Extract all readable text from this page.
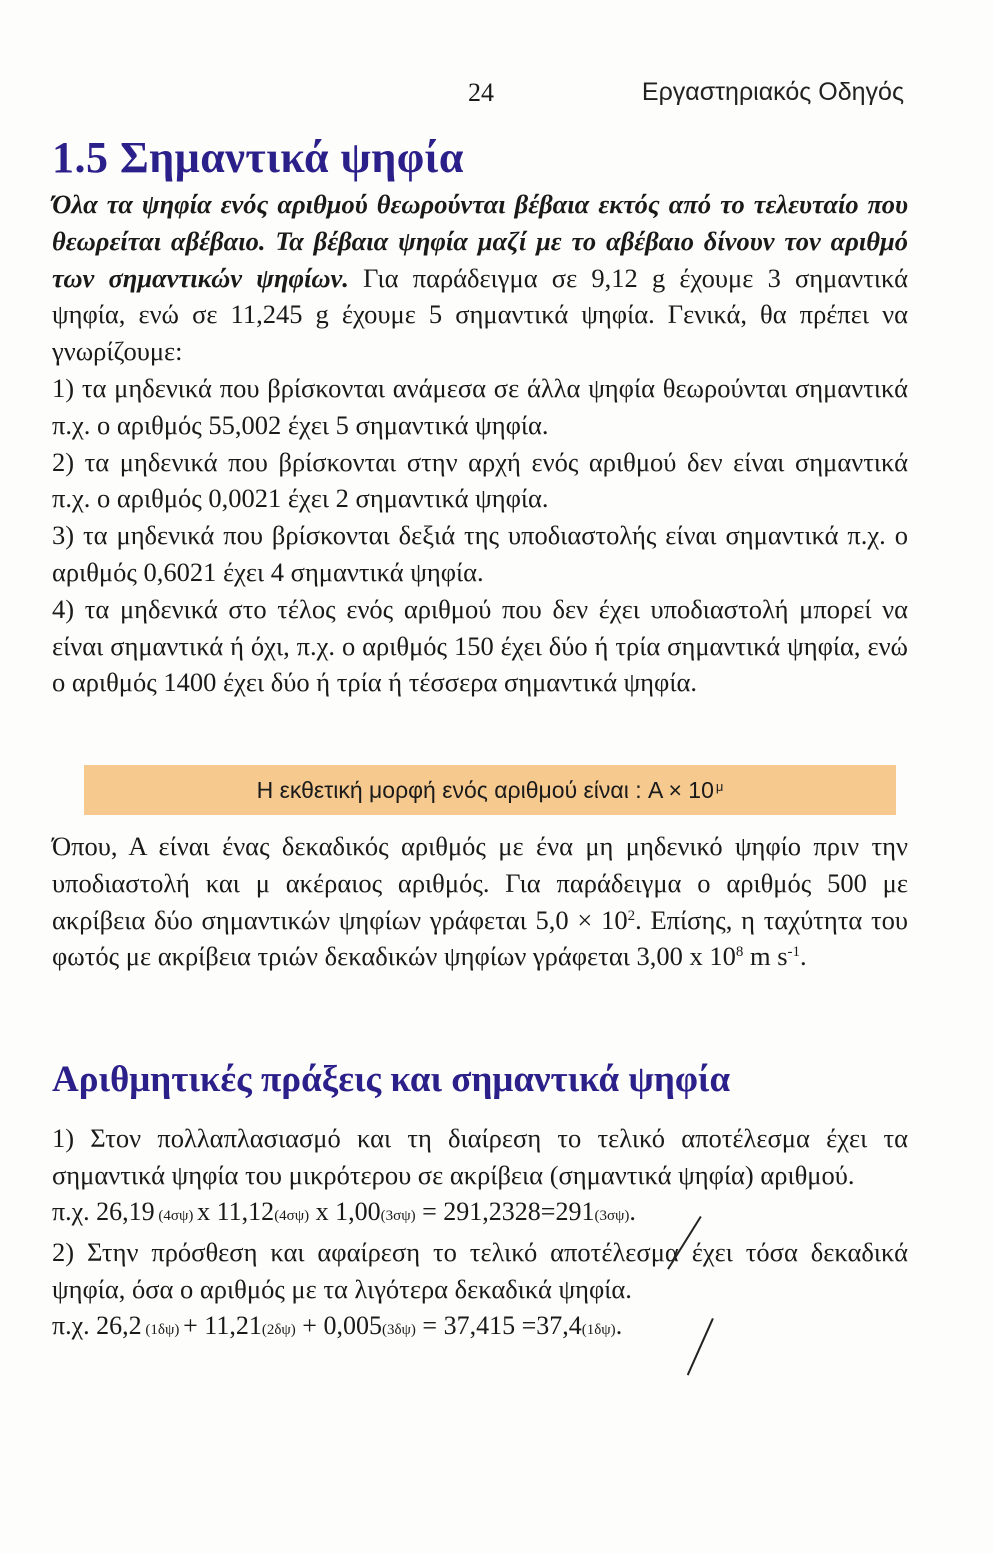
24	Εργαστηριακός Οδηγός
1.5 Σημαντικά ψηφία

Όλα τα ψηφία ενός αριθμού θεωρούνται βέβαια εκτός από το τελευταίο που θεωρείται αβέβαιο. Τα βέβαια ψηφία μαζί με το αβέβαιο δίνουν τον αριθμό των σημαντικών ψηφίων. Για παράδειγμα σε 9,12 g έχουμε 3 σημαντικά ψηφία, ενώ σε 11,245 g έχουμε 5 σημαντικά ψηφία. Γενικά, θα πρέπει να γνωρίζουμε:

1) τα μηδενικά που βρίσκονται ανάμεσα σε άλλα ψηφία θεωρούνται σημαντικά π.χ. ο αριθμός 55,002 έχει 5 σημαντικά ψηφία.

2) τα μηδενικά που βρίσκονται στην αρχή ενός αριθμού δεν είναι σημαντικά π.χ. ο αριθμός 0,0021 έχει 2 σημαντικά ψηφία.

3) τα μηδενικά που βρίσκονται δεξιά της υποδιαστολής είναι σημαντικά π.χ. ο αριθμός 0,6021 έχει 4 σημαντικά ψηφία.

4) τα μηδενικά στο τέλος ενός αριθμού που δεν έχει υποδιαστολή μπορεί να είναι σημαντικά ή όχι, π.χ. ο αριθμός 150 έχει δύο ή τρία σημαντικά ψηφία, ενώ ο αριθμός 1400 έχει δύο ή τρία ή τέσσερα σημαντικά ψηφία.

Η εκθετική μορφή ενός αριθμού είναι : $A \times 10^\mu$

Όπου, Α είναι ένας δεκαδικός αριθμός με ένα μη μηδενικό ψηφίο πριν την υποδιαστολή και μ ακέραιος αριθμός. Για παράδειγμα ο αριθμός 500 με ακρίβεια δύο σημαντικών ψηφίων γράφεται $5,0 \times 10^2$. Επίσης, η ταχύτητα του φωτός με ακρίβεια τριών δεκαδικών ψηφίων γράφεται 3,00 x $10^8$ m $s^{-1}$.

Αριθμητικές πράξεις και σημαντικά ψηφία

1) Στον πολλαπλασιασμό και τη διαίρεση το τελικό αποτέλεσμα έχει τα σημαντικά ψηφία του μικρότερου σε ακρίβεια (σημαντικά ψηφία) αριθμού.

π.χ. 26,19 (4σψ) x 11,12(4σψ) x 1,00(3σψ) = 291,2328=291(3σψ).

2) Στην πρόσθεση και αφαίρεση το τελικό αποτέλεσμα έχει τόσα δεκαδικά ψηφία, όσα ο αριθμός με τα λιγότερα δεκαδικά ψηφία.

π.χ. 26,2 (1δψ) + 11,21(2δψ) + 0,005(3δψ) = 37,415 =37,4(1δψ).
